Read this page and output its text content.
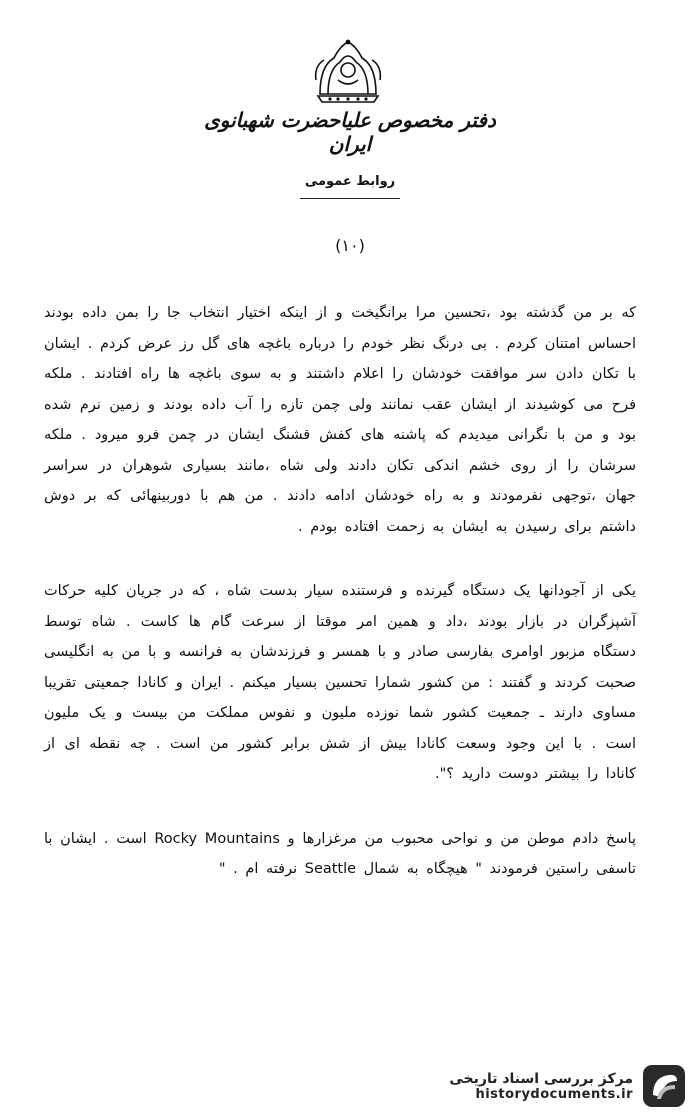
دفتر مخصوص علیاحضرت شهبانوی ایران
روابط عمومی
(۱۰)

که بر من گذشته بود ،تحسین مرا برانگیخت و از اینکه اختیار انتخاب جا را بمن داده بودند احساس امتنان کردم . بی درنگ نظر خودم را درباره باغچه های گل رز عرض کردم . ایشان با تکان دادن سر موافقت خودشان را اعلام داشتند و به سوی باغچه ها راه افتادند . ملکه فرح می کوشیدند از ایشان عقب نمانند ولی چمن تازه را آب داده بودند و زمین نرم شده بود و من با نگرانی میدیدم که پاشنه های کفش قشنگ ایشان در چمن فرو میرود . ملکه سرشان را از روی خشم اندکی تکان دادند ولی شاه ،مانند بسیاری شوهران در سراسر جهان ،توجهی نفرمودند و به راه خودشان ادامه دادند . من هم با دوربینهائی که بر دوش داشتم برای رسیدن به ایشان به زحمت افتاده بودم .

یکی از آجودانها یک دستگاه گیرنده و فرستنده سیار بدست شاه ، که در جریان کلیه حرکات آشپزگران در بازار بودند ،داد و همین امر موقتا از سرعت گام ها کاست . شاه توسط دستگاه مزبور اوامری بفارسی صادر و با همسر و فرزندشان به فرانسه و با من به انگلیسی صحبت کردند و گفتند : من کشور شمارا تحسین بسیار میکنم . ایران و کانادا جمعیتی تقریبا مساوی دارند ـ جمعیت کشور شما نوزده ملیون و نفوس مملکت من بیست و یک ملیون است . با این وجود وسعت کانادا بیش از شش برابر کشور من است . چه نقطه ای از کانادا را بیشتر دوست دارید ؟".

پاسخ دادم موطن من و نواحی محبوب من مرغزارها و Rocky Mountains است . ایشان با تاسفی راستین فرمودند " هیچگاه به شمال Seattle نرفته ام . "

مرکز بررسی اسناد تاریخی
historydocuments.ir
